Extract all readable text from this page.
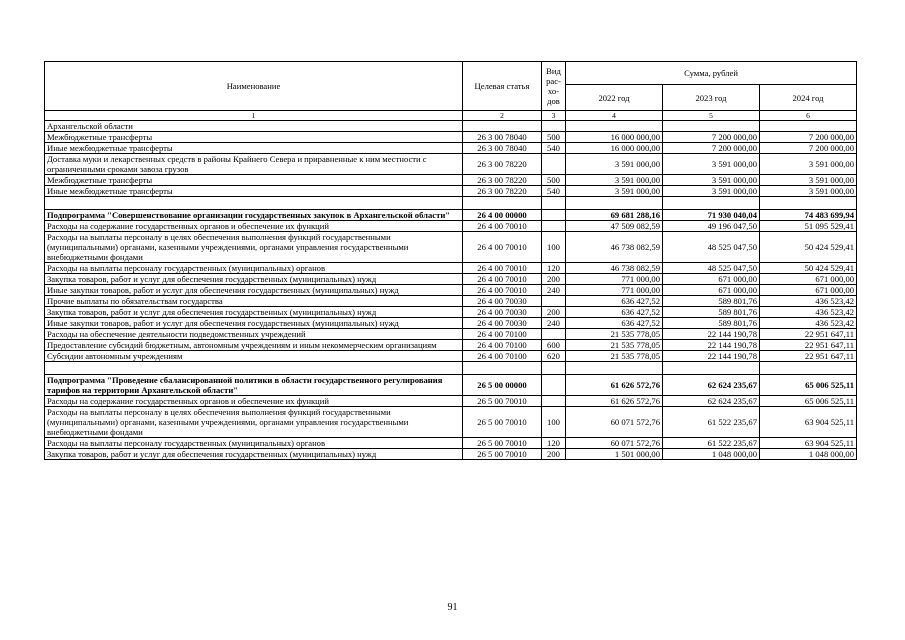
Наименование	Целевая статья	Вид рас-хо-дов	Сумма, рублей		
			2022 год	2023 год	2024 год
1	2	3	4	5	6
Архангельской области					
Межбюджетные трансферты	26 3 00 78040	500	16 000 000,00	7 200 000,00	7 200 000,00
Иные межбюджетные трансферты	26 3 00 78040	540	16 000 000,00	7 200 000,00	7 200 000,00
Доставка муки и лекарственных средств в районы Крайнего Севера и приравненные к ним местности с ограниченными сроками завоза грузов	26 3 00 78220		3 591 000,00	3 591 000,00	3 591 000,00
Межбюджетные трансферты	26 3 00 78220	500	3 591 000,00	3 591 000,00	3 591 000,00
Иные межбюджетные трансферты	26 3 00 78220	540	3 591 000,00	3 591 000,00	3 591 000,00

Подпрограмма "Совершенствование организации государственных закупок в Архангельской области"	26 4 00 00000		69 681 288,16	71 930 040,04	74 483 699,94
Расходы на содержание государственных органов и обеспечение их функций	26 4 00 70010		47 509 082,59	49 196 047,50	51 095 529,41
Расходы на выплаты персоналу в целях обеспечения выполнения функций государственными (муниципальными) органами, казенными учреждениями, органами управления государственными внебюджетными фондами	26 4 00 70010	100	46 738 082,59	48 525 047,50	50 424 529,41
Расходы на выплаты персоналу государственных (муниципальных) органов	26 4 00 70010	120	46 738 082,59	48 525 047,50	50 424 529,41
Закупка товаров, работ и услуг для обеспечения государственных (муниципальных) нужд	26 4 00 70010	200	771 000,00	671 000,00	671 000,00
Иные закупки товаров, работ и услуг для обеспечения государственных (муниципальных) нужд	26 4 00 70010	240	771 000,00	671 000,00	671 000,00
Прочие выплаты по обязательствам государства	26 4 00 70030		636 427,52	589 801,76	436 523,42
Закупка товаров, работ и услуг для обеспечения государственных (муниципальных) нужд	26 4 00 70030	200	636 427,52	589 801,76	436 523,42
Иные закупки товаров, работ и услуг для обеспечения государственных (муниципальных) нужд	26 4 00 70030	240	636 427,52	589 801,76	436 523,42
Расходы на обеспечение деятельности подведомственных учреждений	26 4 00 70100		21 535 778,05	22 144 190,78	22 951 647,11
Предоставление субсидий бюджетным, автономным учреждениям и иным некоммерческим организациям	26 4 00 70100	600	21 535 778,05	22 144 190,78	22 951 647,11
Субсидии автономным учреждениям	26 4 00 70100	620	21 535 778,05	22 144 190,78	22 951 647,11

Подпрограмма "Проведение сбалансированной политики в области государственного регулирования тарифов на территории Архангельской области"	26 5 00 00000		61 626 572,76	62 624 235,67	65 006 525,11
Расходы на содержание государственных органов и обеспечение их функций	26 5 00 70010		61 626 572,76	62 624 235,67	65 006 525,11
Расходы на выплаты персоналу в целях обеспечения выполнения функций государственными (муниципальными) органами, казенными учреждениями, органами управления государственными внебюджетными фондами	26 5 00 70010	100	60 071 572,76	61 522 235,67	63 904 525,11
Расходы на выплаты персоналу государственных (муниципальных) органов	26 5 00 70010	120	60 071 572,76	61 522 235,67	63 904 525,11
Закупка товаров, работ и услуг для обеспечения государственных (муниципальных) нужд	26 5 00 70010	200	1 501 000,00	1 048 000,00	1 048 000,00
91
